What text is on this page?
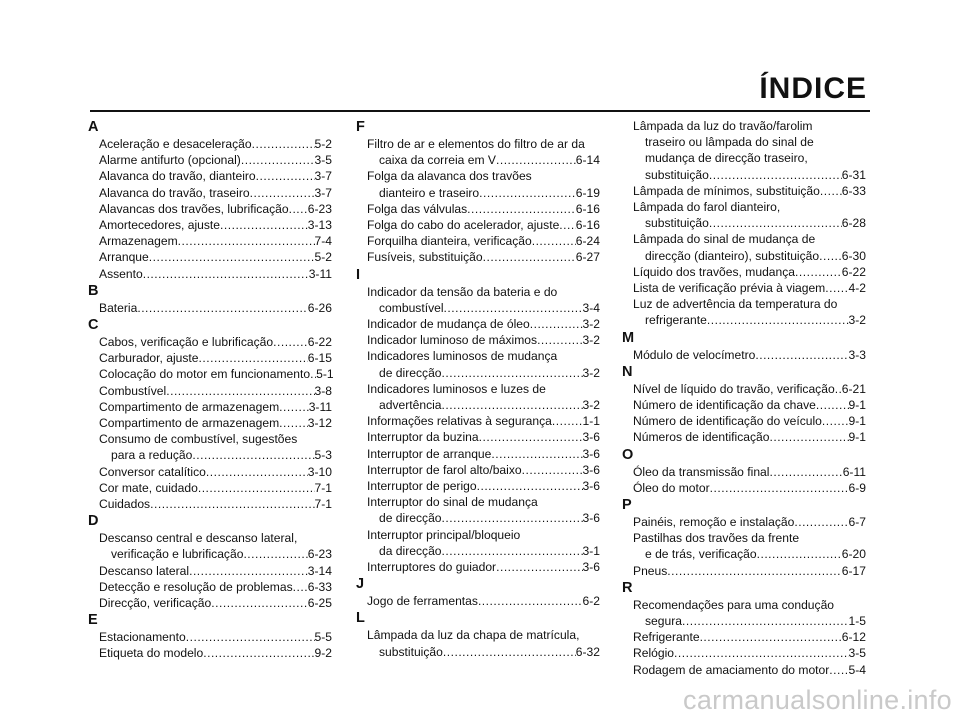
ÍNDICE
A
Aceleração e desaceleração .....	5-2
Alarme antifurto (opcional) .....	3-5
Alavanca do travão, dianteiro .....	3-7
Alavanca do travão, traseiro .....	3-7
Alavancas dos travões, lubrificação ..... 6-23
Amortecedores, ajuste .....	3-13
Armazenagem .....	7-4
Arranque .....	5-2
Assento .....	3-11
B
Bateria .....	6-26
C
Cabos, verificação e lubrificação .....	6-22
Carburador, ajuste .....	6-15
Colocação do motor em funcionamento ..... 5-1
Combustível .....	3-8
Compartimento de armazenagem ..... 3-11
Compartimento de armazenagem ..... 3-12
Consumo de combustível, sugestões
para a redução .....	5-3
Conversor catalítico .....	3-10
Cor mate, cuidado .....	7-1
Cuidados .....	7-1
D
Descanso central e descanso lateral,
verificação e lubrificação .....	6-23
Descanso lateral .....	3-14
Detecção e resolução de problemas ..... 6-33
Direcção, verificação .....	6-25
E
Estacionamento .....	5-5
Etiqueta do modelo .....	9-2
F
Filtro de ar e elementos do filtro de ar da
caixa da correia em V .....	6-14
Folga da alavanca dos travões
dianteiro e traseiro .....	6-19
Folga das válvulas .....	6-16
Folga do cabo do acelerador, ajuste ..... 6-16
Forquilha dianteira, verificação .....	6-24
Fusíveis, substituição .....	6-27
I
Indicador da tensão da bateria e do
combustível .....	3-4
Indicador de mudança de óleo .....	3-2
Indicador luminoso de máximos .....	3-2
Indicadores luminosos de mudança
de direcção .....	3-2
Indicadores luminosos e luzes de
advertência .....	3-2
Informações relativas à segurança .....	1-1
Interruptor da buzina .....	3-6
Interruptor de arranque .....	3-6
Interruptor de farol alto/baixo .....	3-6
Interruptor de perigo .....	3-6
Interruptor do sinal de mudança
de direcção .....	3-6
Interruptor principal/bloqueio
da direcção .....	3-1
Interruptores do guiador .....	3-6
J
Jogo de ferramentas .....	6-2
L
Lâmpada da luz da chapa de matrícula,
substituição .....	6-32
Lâmpada da luz do travão/farolim
traseiro ou lâmpada do sinal de
mudança de direcção traseiro,
substituição .....	6-31
Lâmpada de mínimos, substituição ..... 6-33
Lâmpada do farol dianteiro,
substituição .....	6-28
Lâmpada do sinal de mudança de
direcção (dianteiro), substituição ..... 6-30
Líquido dos travões, mudança .....	6-22
Lista de verificação prévia à viagem ..... 4-2
Luz de advertência da temperatura do
refrigerante .....	3-2
M
Módulo de velocímetro .....	3-3
N
Nível de líquido do travão, verificação ..... 6-21
Número de identificação da chave .....	9-1
Número de identificação do veículo ..... 9-1
Números de identificação .....	9-1
O
Óleo da transmissão final .....	6-11
Óleo do motor .....	6-9
P
Painéis, remoção e instalação .....	6-7
Pastilhas dos travões da frente
e de trás, verificação .....	6-20
Pneus .....	6-17
R
Recomendações para uma condução
segura .....	1-5
Refrigerante .....	6-12
Relógio .....	3-5
Rodagem de amaciamento do motor ..... 5-4
carmanualsonline.info
